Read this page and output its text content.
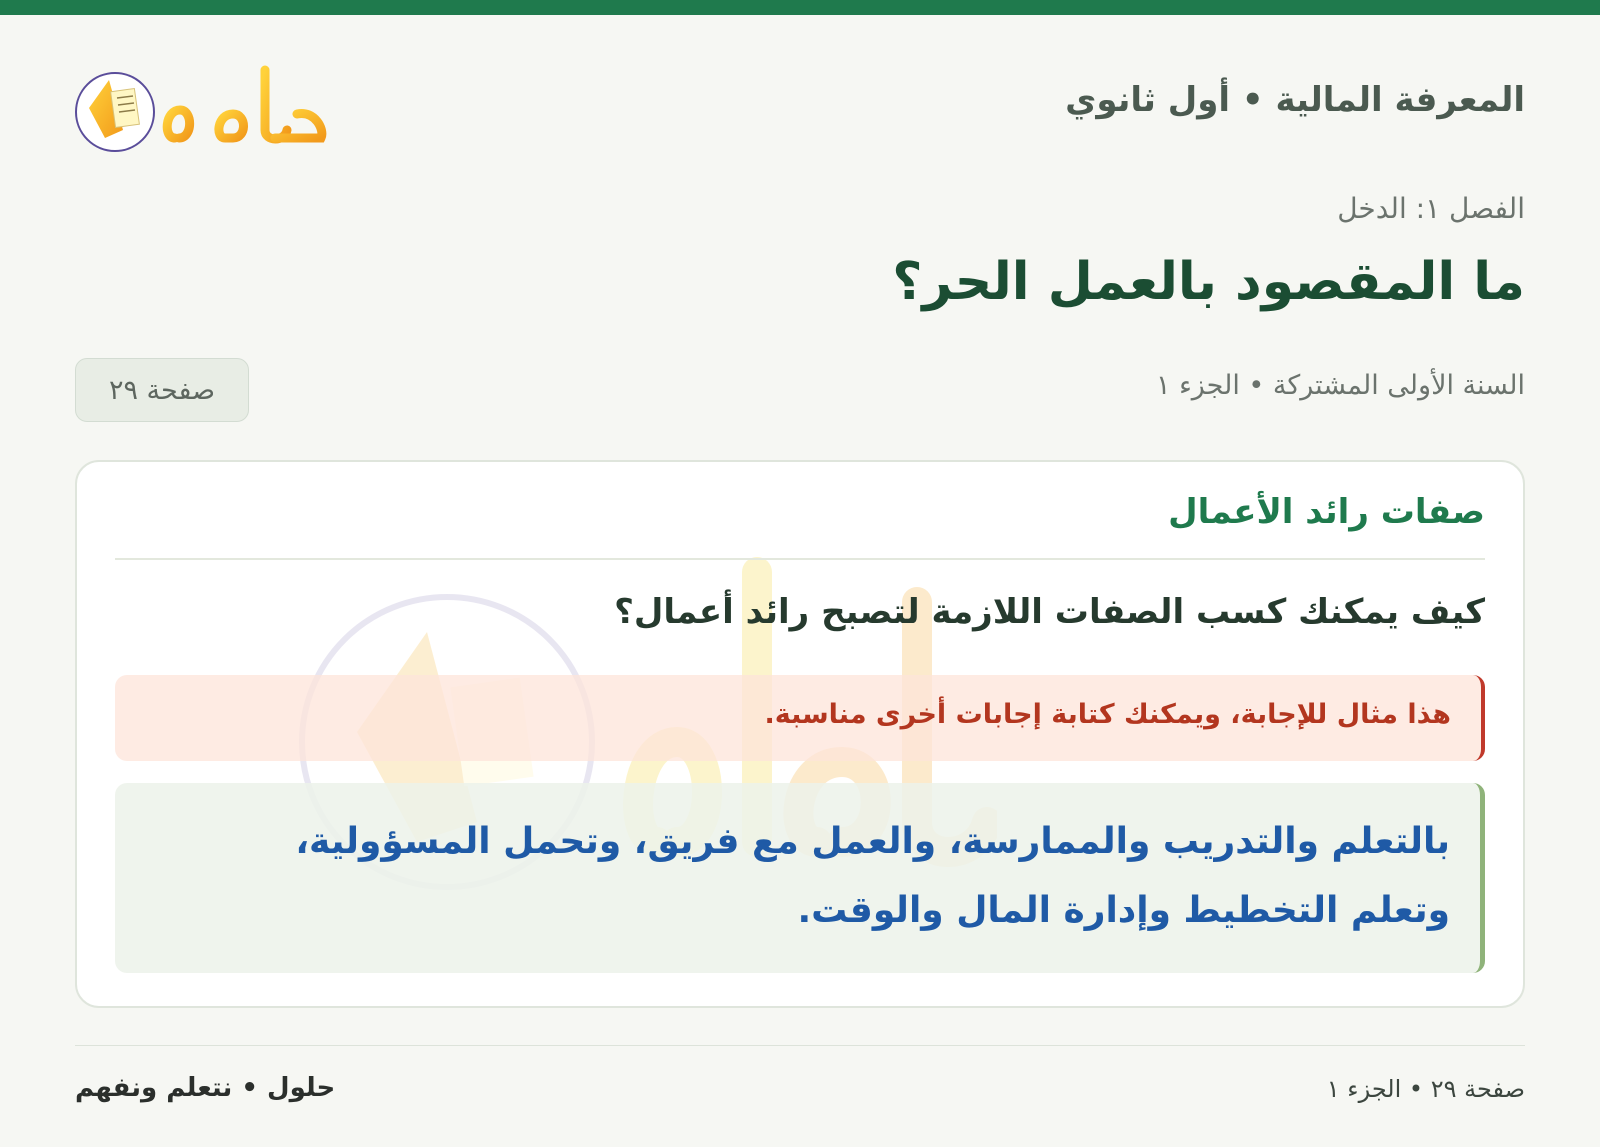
المعرفة المالية • أول ثانوي
الفصل ١: الدخل
ما المقصود بالعمل الحر؟
السنة الأولى المشتركة • الجزء ١
صفحة ٢٩
صفات رائد الأعمال
كيف يمكنك كسب الصفات اللازمة لتصبح رائد أعمال؟
هذا مثال للإجابة، ويمكنك كتابة إجابات أخرى مناسبة.
بالتعلم والتدريب والممارسة، والعمل مع فريق، وتحمل المسؤولية،
وتعلم التخطيط وإدارة المال والوقت.
صفحة ٢٩ • الجزء ١
حلول • نتعلم ونفهم
